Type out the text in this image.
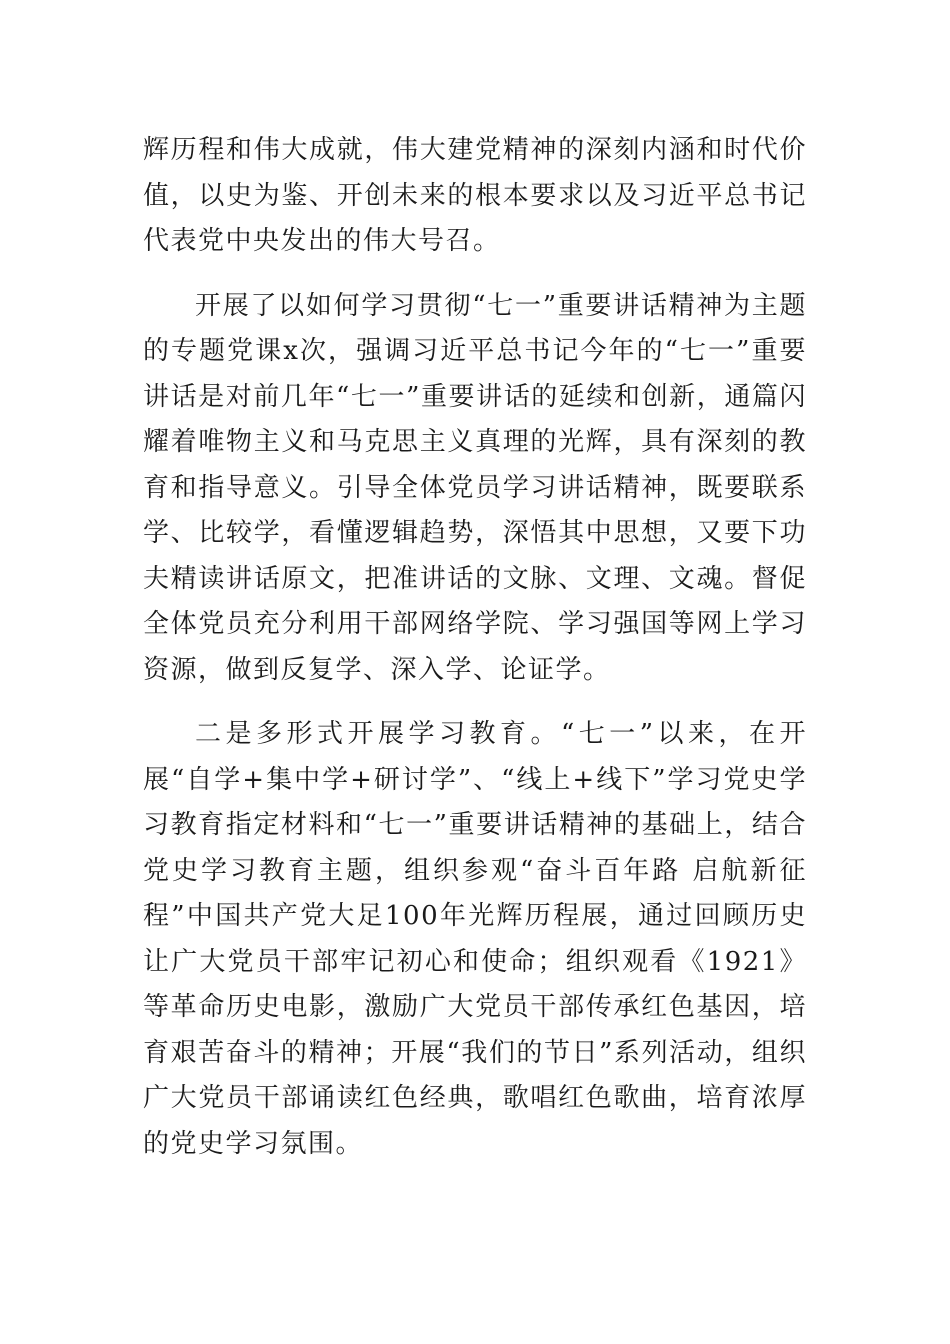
辉历程和伟大成就，伟大建党精神的深刻内涵和时代价值，以史为鉴、开创未来的根本要求以及习近平总书记代表党中央发出的伟大号召。

开展了以如何学习贯彻“七一”重要讲话精神为主题的专题党课x次，强调习近平总书记今年的“七一”重要讲话是对前几年“七一”重要讲话的延续和创新，通篇闪耀着唯物主义和马克思主义真理的光辉，具有深刻的教育和指导意义。引导全体党员学习讲话精神，既要联系学、比较学，看懂逻辑趋势，深悟其中思想，又要下功夫精读讲话原文，把准讲话的文脉、文理、文魂。督促全体党员充分利用干部网络学院、学习强国等网上学习资源，做到反复学、深入学、论证学。

二是多形式开展学习教育。“七一”以来，在开展“自学+集中学+研讨学”、“线上+线下”学习党史学习教育指定材料和“七一”重要讲话精神的基础上，结合党史学习教育主题，组织参观“奋斗百年路 启航新征程”中国共产党大足100年光辉历程展，通过回顾历史让广大党员干部牢记初心和使命；组织观看《1921》等革命历史电影，激励广大党员干部传承红色基因，培育艰苦奋斗的精神；开展“我们的节日”系列活动，组织广大党员干部诵读红色经典，歌唱红色歌曲，培育浓厚的党史学习氛围。
